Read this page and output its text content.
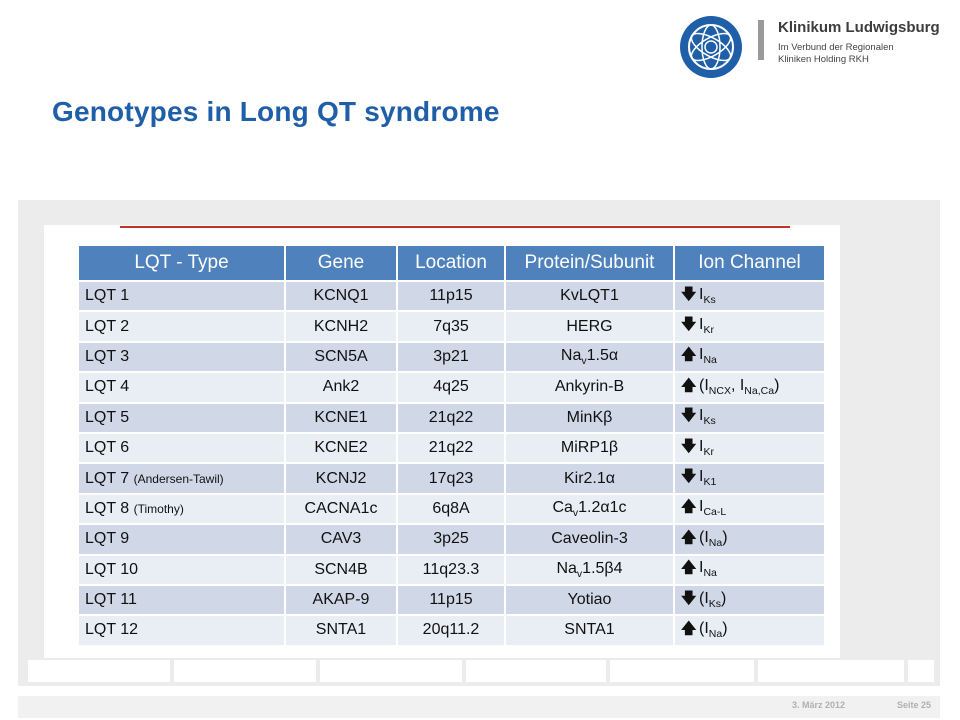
Klinikum Ludwigsburg
Im Verbund der Regionalen
Kliniken Holding RKH
Genotypes in Long QT syndrome
LQT - Type	Gene	Location	Protein/Subunit	Ion Channel
LQT 1	KCNQ1	11p15	KvLQT1	🡇 $I_{Ks}$
LQT 2	KCNH2	7q35	HERG	🡇 $I_{Kr}$
LQT 3	SCN5A	3p21	$Na_v1.5\alpha$	🡅 $I_{Na}$
LQT 4	Ank2	4q25	Ankyrin-B	🡅 ($I_{NCX}$, $I_{Na,Ca}$)
LQT 5	KCNE1	21q22	MinKβ	🡇 $I_{Ks}$
LQT 6	KCNE2	21q22	MiRP1β	🡇 $I_{Kr}$
LQT 7 (Andersen-Tawil)	KCNJ2	17q23	Kir2.1α	🡇 $I_{K1}$
LQT 8 (Timothy)	CACNA1c	6q8A	$Ca_v1.2\alpha 1c$	🡅 $I_{Ca-L}$
LQT 9	CAV3	3p25	Caveolin-3	🡅 $(I_{Na})$
LQT 10	SCN4B	11q23.3	$Na_v1.5\beta 4$	🡅 $I_{Na}$
LQT 11	AKAP-9	11p15	Yotiao	🡇 $(I_{Ks})$
LQT 12	SNTA1	20q11.2	SNTA1	🡅 $(I_{Na})$
3. März 2012	Seite 25
